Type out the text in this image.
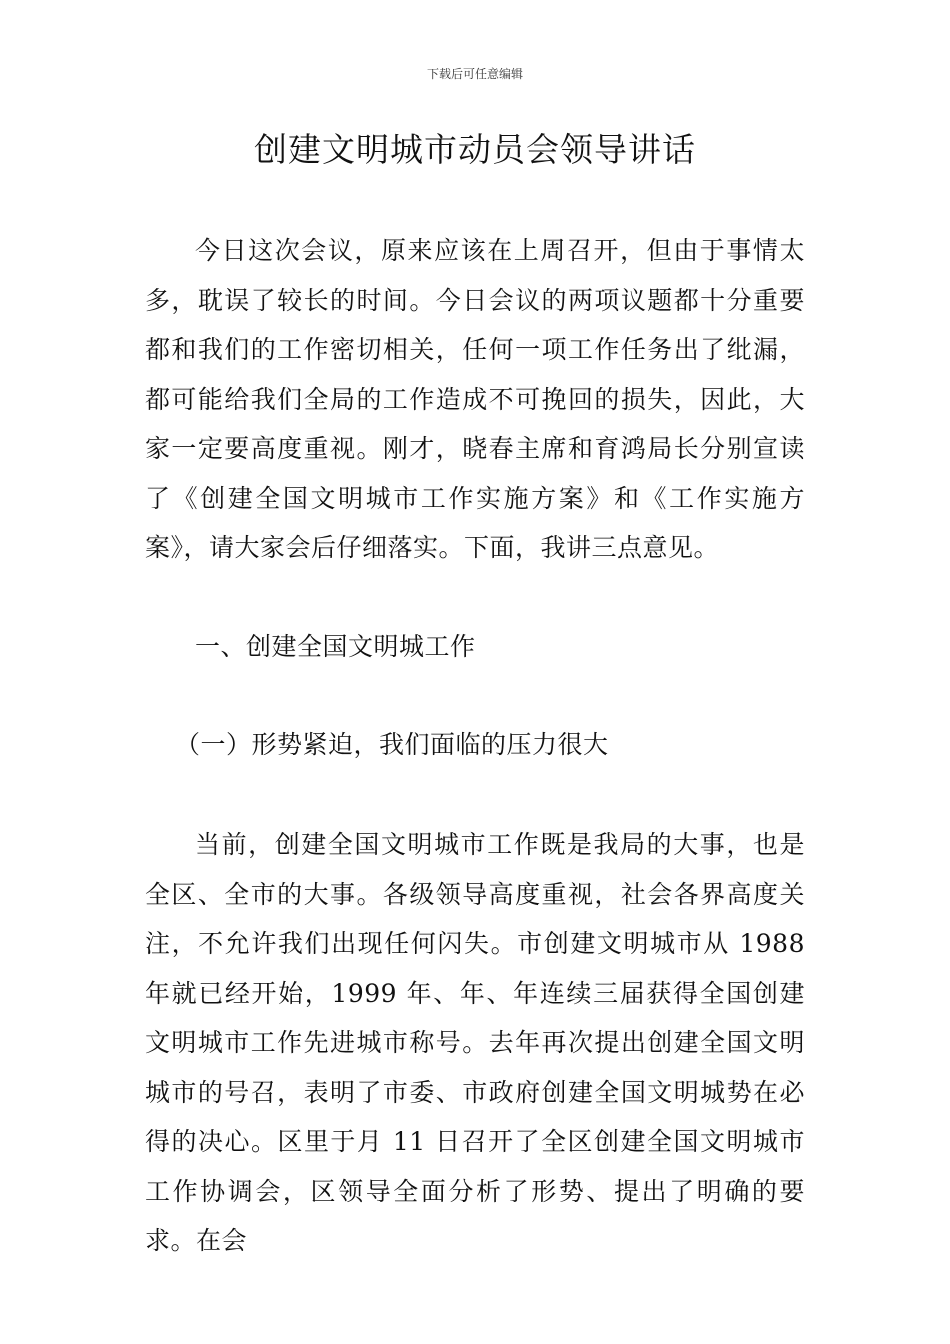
下载后可任意编辑
创建文明城市动员会领导讲话

今日这次会议，原来应该在上周召开，但由于事情太多，耽误了较长的时间。今日会议的两项议题都十分重要都和我们的工作密切相关，任何一项工作任务出了纰漏，都可能给我们全局的工作造成不可挽回的损失，因此，大家一定要高度重视。刚才，晓春主席和育鸿局长分别宣读了《创建全国文明城市工作实施方案》和《工作实施方案》，请大家会后仔细落实。下面，我讲三点意见。

一、创建全国文明城工作

（一）形势紧迫，我们面临的压力很大

当前，创建全国文明城市工作既是我局的大事，也是全区、全市的大事。各级领导高度重视，社会各界高度关注，不允许我们出现任何闪失。市创建文明城市从 1988 年就已经开始，1999 年、年、年连续三届获得全国创建文明城市工作先进城市称号。去年再次提出创建全国文明城市的号召，表明了市委、市政府创建全国文明城势在必得的决心。区里于月 11 日召开了全区创建全国文明城市工作协调会，区领导全面分析了形势、提出了明确的要求。在会
